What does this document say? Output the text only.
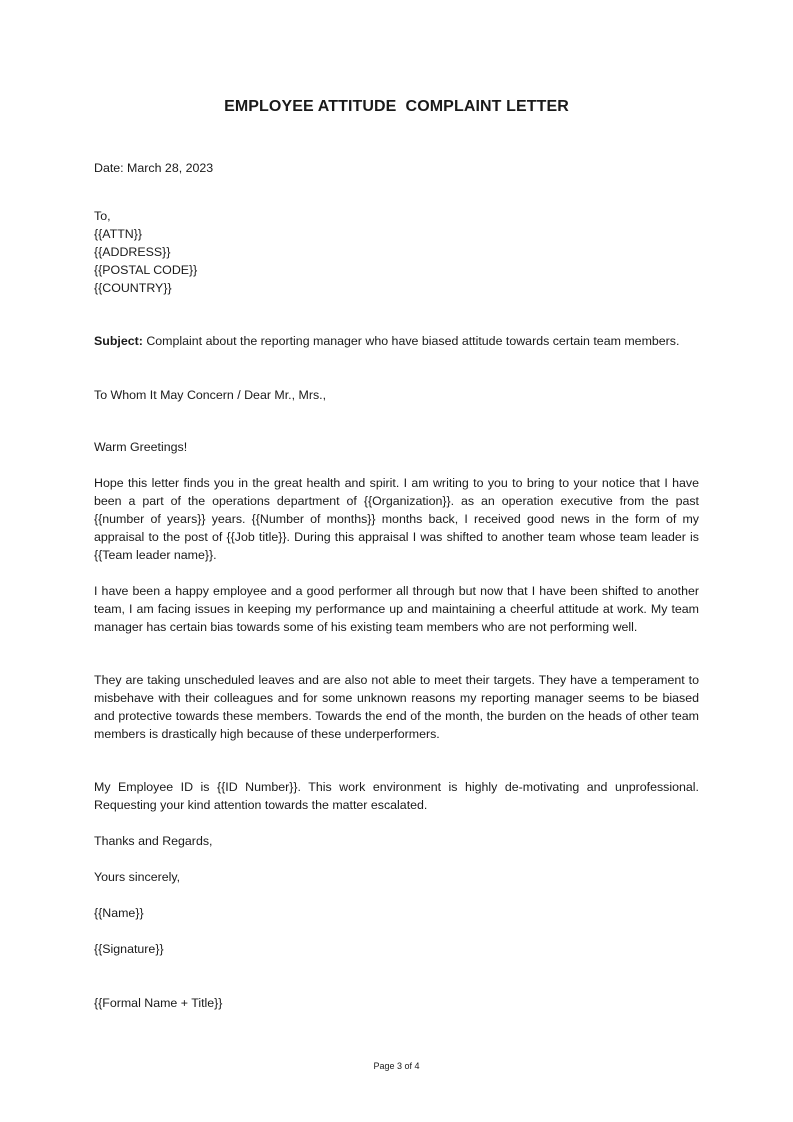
EMPLOYEE ATTITUDE  COMPLAINT LETTER

Date: March 28, 2023

To,
{{ATTN}}
{{ADDRESS}}
{{POSTAL CODE}}
{{COUNTRY}}

Subject: Complaint about the reporting manager who have biased attitude towards certain team members.

To Whom It May Concern / Dear Mr., Mrs.,

Warm Greetings!

Hope this letter finds you in the great health and spirit. I am writing to you to bring to your notice that I have been a part of the operations department of {{Organization}}. as an operation executive from the past {{number of years}} years. {{Number of months}} months back, I received good news in the form of my appraisal to the post of {{Job title}}. During this appraisal I was shifted to another team whose team leader is {{Team leader name}}.

I have been a happy employee and a good performer all through but now that I have been shifted to another team, I am facing issues in keeping my performance up and maintaining a cheerful attitude at work. My team manager has certain bias towards some of his existing team members who are not performing well.

They are taking unscheduled leaves and are also not able to meet their targets. They have a temperament to misbehave with their colleagues and for some unknown reasons my reporting manager seems to be biased and protective towards these members. Towards the end of the month, the burden on the heads of other team members is drastically high because of these underperformers.

My Employee ID is {{ID Number}}. This work environment is highly de-motivating and unprofessional. Requesting your kind attention towards the matter escalated.

Thanks and Regards,

Yours sincerely,

{{Name}}

{{Signature}}

{{Formal Name + Title}}

Page 3 of 4
